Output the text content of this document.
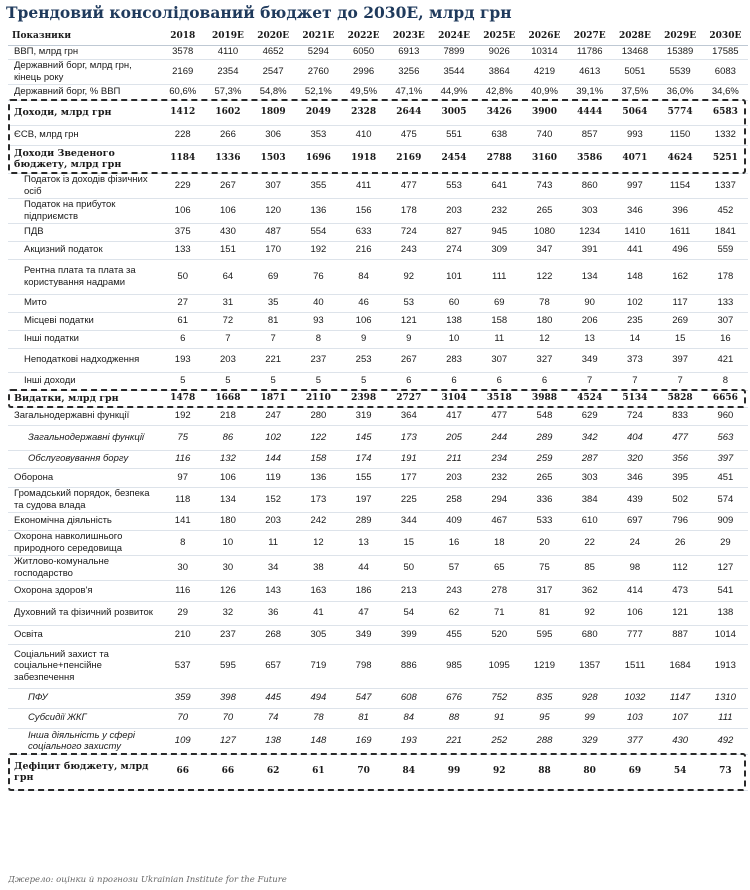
Трендовий консолідований бюджет до 2030Е, млрд грн
Показники	2018	2019E	2020E	2021E	2022E	2023E	2024E	2025E	2026E	2027E	2028E	2029E	2030E
ВВП, млрд грн	3578	4110	4652	5294	6050	6913	7899	9026	10314	11786	13468	15389	17585
Державний борг, млрд грн, кінець року	2169	2354	2547	2760	2996	3256	3544	3864	4219	4613	5051	5539	6083
Державний борг, % ВВП	60,6%	57,3%	54,8%	52,1%	49,5%	47,1%	44,9%	42,8%	40,9%	39,1%	37,5%	36,0%	34,6%
Доходи, млрд грн	1412	1602	1809	2049	2328	2644	3005	3426	3900	4444	5064	5774	6583
ЄСВ, млрд грн	228	266	306	353	410	475	551	638	740	857	993	1150	1332
Доходи Зведеного бюджету, млрд грн	1184	1336	1503	1696	1918	2169	2454	2788	3160	3586	4071	4624	5251
Податок із доходів фізичних осіб	229	267	307	355	411	477	553	641	743	860	997	1154	1337
Податок на прибуток підприємств	106	106	120	136	156	178	203	232	265	303	346	396	452
ПДВ	375	430	487	554	633	724	827	945	1080	1234	1410	1611	1841
Акцизний податок	133	151	170	192	216	243	274	309	347	391	441	496	559
Рентна плата та плата за користування надрами	50	64	69	76	84	92	101	111	122	134	148	162	178
Мито	27	31	35	40	46	53	60	69	78	90	102	117	133
Місцеві податки	61	72	81	93	106	121	138	158	180	206	235	269	307
Інші податки	6	7	7	8	9	9	10	11	12	13	14	15	16
Неподаткові надходження	193	203	221	237	253	267	283	307	327	349	373	397	421
Інші доходи	5	5	5	5	5	6	6	6	6	7	7	7	8
Видатки, млрд грн	1478	1668	1871	2110	2398	2727	3104	3518	3988	4524	5134	5828	6656
Загальнодержавні функції	192	218	247	280	319	364	417	477	548	629	724	833	960
Загальнодержавні функції	75	86	102	122	145	173	205	244	289	342	404	477	563
Обслуговування боргу	116	132	144	158	174	191	211	234	259	287	320	356	397
Оборона	97	106	119	136	155	177	203	232	265	303	346	395	451
Громадський порядок, безпека та судова влада	118	134	152	173	197	225	258	294	336	384	439	502	574
Економічна діяльність	141	180	203	242	289	344	409	467	533	610	697	796	909
Охорона навколишнього природного середовища	8	10	11	12	13	15	16	18	20	22	24	26	29
Житлово-комунальне господарство	30	30	34	38	44	50	57	65	75	85	98	112	127
Охорона здоров'я	116	126	143	163	186	213	243	278	317	362	414	473	541
Духовний та фізичний розвиток	29	32	36	41	47	54	62	71	81	92	106	121	138
Освіта	210	237	268	305	349	399	455	520	595	680	777	887	1014
Соціальний захист та соціальне+пенсійне забезпечення	537	595	657	719	798	886	985	1095	1219	1357	1511	1684	1913
ПФУ	359	398	445	494	547	608	676	752	835	928	1032	1147	1310
Субсидії ЖКГ	70	70	74	78	81	84	88	91	95	99	103	107	111
Інша діяльність у сфері соціального захисту	109	127	138	148	169	193	221	252	288	329	377	430	492
Дефіцит бюджету, млрд грн	66	66	62	61	70	84	99	92	88	80	69	54	73
Джерело: оцінки й прогнози Ukrainian Institute for the Future
